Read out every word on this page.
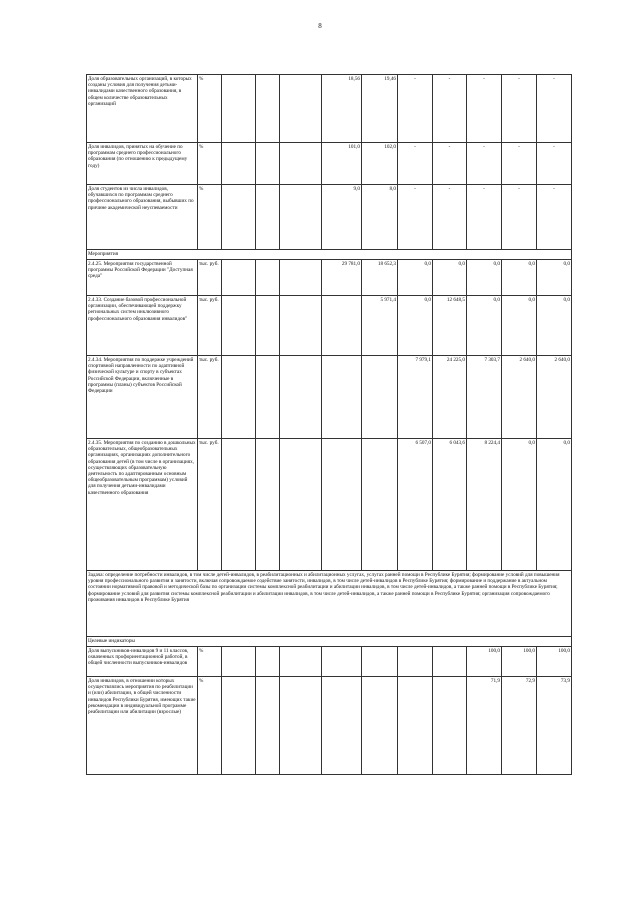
8
Доля образовательных организаций, в которых созданы условия для получения детьми-инвалидами качественного образования, в общем количестве образовательных организаций	%				18,56	19,46	-	-	-	-	-
Доля инвалидов, принятых на обучение по программам среднего профессионального образования (по отношению к предыдущему году)	%				101,0	102,0	-	-	-	-	-
Доля студентов из числа инвалидов, обучавшихся по программам среднего профессионального образования, выбывших по причине академической неуспеваемости	%				9,0	8,0	-	-	-	-	-
Мероприятия											
2.4.25. Мероприятия государственной программы Российской Федерации "Доступная среда"	тыс. руб.				29 781,0	18 652,3	0,0	0,0	0,0	0,0	0,0
2.4.33. Создание базовой профессиональной организации, обеспечивающей поддержку региональных систем инклюзивного профессионального образования инвалидов"	тыс. руб.					5 971,4	0,0	12 648,5	0,0	0,0	0,0
2.4.34. Мероприятия по поддержке учреждений спортивной направленности по адаптивной физической культуре и спорту в субъектах Российской Федерации, включенные в программы (планы) субъектов Российской Федерации	тыс. руб.						7 979,1	24 225,0	7 303,7	2 640,0	2 640,0
2.4.35. Мероприятия по созданию в дошкольных образовательных, общеобразовательных организациях, организациях дополнительного образования детей (в том числе в организациях, осуществляющих образовательную деятельность по адаптированным основным общеобразовательным программам) условий для получения детьми-инвалидами качественного образования	тыс. руб.						6 507,0	6 043,6	8 224,4	0,0	0,0
Задача: определение потребности инвалидов, в том числе детей-инвалидов, в реабилитационных и абилитационных услугах, услугах ранней помощи в Республике Бурятия; формирование условий для повышения уровня профессионального развития и занятости, включая сопровождаемое содействие занятости, инвалидов, в том числе детей-инвалидов в Республике Бурятия; формирование и поддержание в актуальном состоянии нормативной правовой и методической базы по организации системы комплексной реабилитации и абилитации инвалидов, в том числе детей-инвалидов, а также ранней помощи в Республике Бурятия; формирование условий для развития системы комплексной реабилитации и абилитации инвалидов, в том числе детей-инвалидов, а также ранней помощи в Республике Бурятия; организация сопровождаемого проживания инвалидов в Республике Бурятия											
Целевые индикаторы											
Доля выпускников-инвалидов 9 и 11 классов, охваченных профориентационной работой, в общей численности выпускников-инвалидов	%								100,0	100,0	100,0
Доля инвалидов, в отношении которых осуществлялись мероприятия по реабилитации и (или) абилитации, в общей численности инвалидов Республики Бурятия, имеющих такие рекомендации в индивидуальной программе реабилитации или абилитации (взрослые)	%								71,9	72,9	73,9
